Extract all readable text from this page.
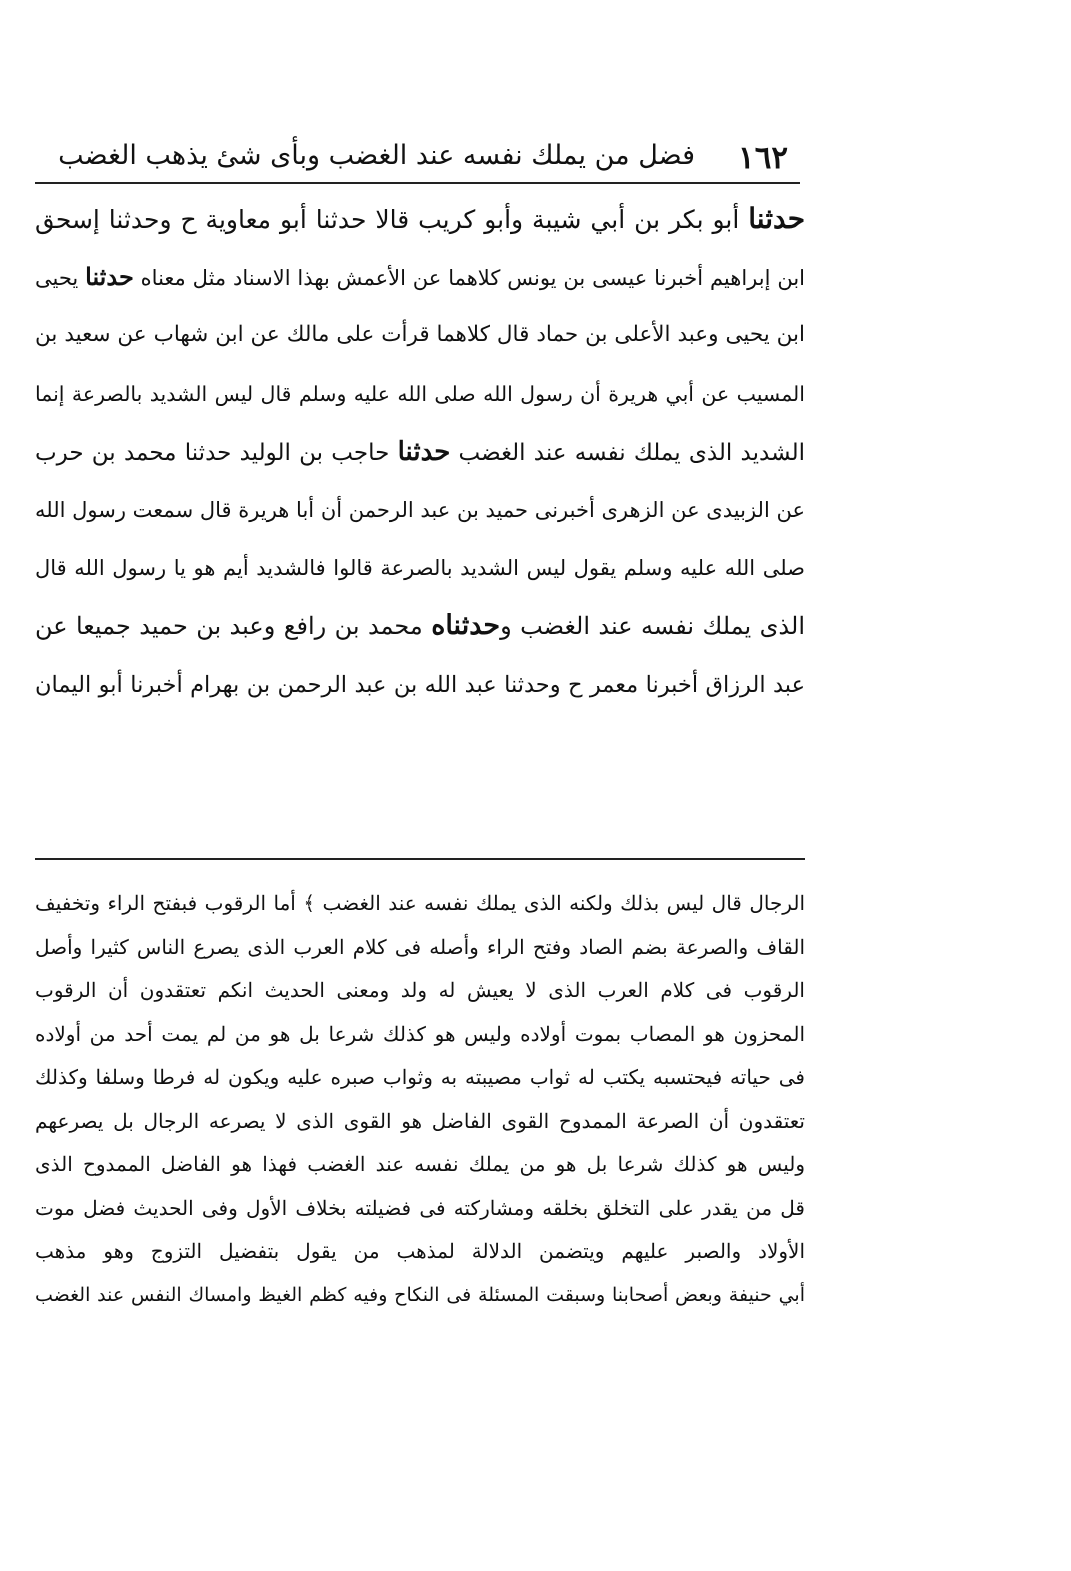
١٦٢
فضل من يملك نفسه عند الغضب وبأى شئ يذهب الغضب
حدثنا أبو بكر بن أبي شيبة وأبو كريب قالا حدثنا أبو معاوية ح وحدثنا إسحق
ابن إبراهيم أخبرنا عيسى بن يونس كلاهما عن الأعمش بهذا الاسناد مثل معناه حدثنا يحيى
ابن يحيى وعبد الأعلى بن حماد قال كلاهما قرأت على مالك عن ابن شهاب عن سعيد بن
المسيب عن أبي هريرة أن رسول الله صلى الله عليه وسلم قال ليس الشديد بالصرعة إنما
الشديد الذى يملك نفسه عند الغضب حدثنا حاجب بن الوليد حدثنا محمد بن حرب
عن الزبيدى عن الزهرى أخبرنى حميد بن عبد الرحمن أن أبا هريرة قال سمعت رسول الله
صلى الله عليه وسلم يقول ليس الشديد بالصرعة قالوا فالشديد أيم هو يا رسول الله قال
الذى يملك نفسه عند الغضب وحدثناه محمد بن رافع وعبد بن حميد جميعا عن
عبد الرزاق أخبرنا معمر ح وحدثنا عبد الله بن عبد الرحمن بن بهرام أخبرنا أبو اليمان
الرجال قال ليس بذلك ولكنه الذى يملك نفسه عند الغضب ﴾ أما الرقوب فبفتح الراء وتخفيف
القاف والصرعة بضم الصاد وفتح الراء وأصله فى كلام العرب الذى يصرع الناس كثيرا وأصل
الرقوب فى كلام العرب الذى لا يعيش له ولد ومعنى الحديث انكم تعتقدون أن الرقوب
المحزون هو المصاب بموت أولاده وليس هو كذلك شرعا بل هو من لم يمت أحد من أولاده
فى حياته فيحتسبه يكتب له ثواب مصيبته به وثواب صبره عليه ويكون له فرطا وسلفا وكذلك
تعتقدون أن الصرعة الممدوح القوى الفاضل هو القوى الذى لا يصرعه الرجال بل يصرعهم
وليس هو كذلك شرعا بل هو من يملك نفسه عند الغضب فهذا هو الفاضل الممدوح الذى
قل من يقدر على التخلق بخلقه ومشاركته فى فضيلته بخلاف الأول وفى الحديث فضل موت
الأولاد والصبر عليهم ويتضمن الدلالة لمذهب من يقول بتفضيل التزوج وهو مذهب
أبي حنيفة وبعض أصحابنا وسبقت المسئلة فى النكاح وفيه كظم الغيظ وامساك النفس عند الغضب
